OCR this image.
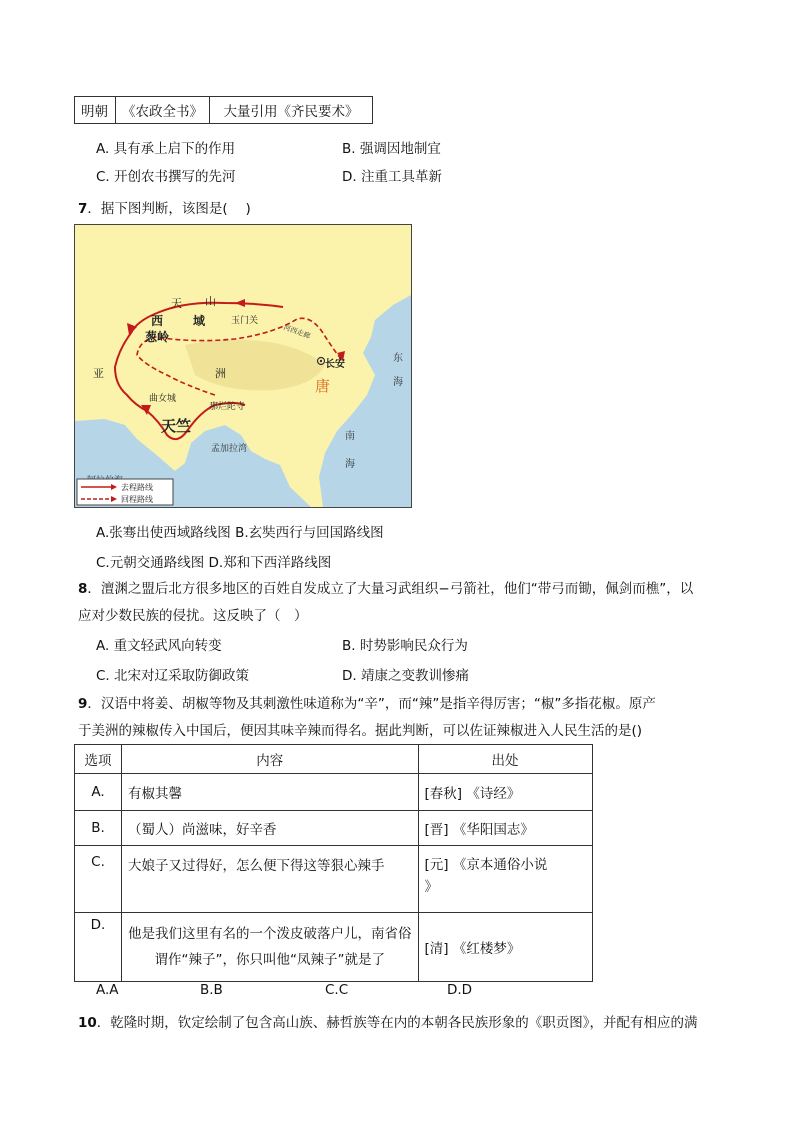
明朝	《农政全书》	大量引用《齐民要术》
A. 具有承上启下的作用	B. 强调因地制宜
C. 开创农书撰写的先河	D. 注重工具革新
7．据下图判断，该图是(　 )
天 山
西 域
葱岭
玉门关
河西走廊
长安
唐
亚	洲
曲女城
那烂陀寺
天竺
孟加拉湾
东
海
南
海
去程路线
回程路线
A.张骞出使西域路线图 B.玄奘西行与回国路线图
C.元朝交通路线图 D.郑和下西洋路线图
8．澶渊之盟后北方很多地区的百姓自发成立了大量习武组织−弓箭社，他们“带弓而锄，佩剑而樵”，以
应对少数民族的侵扰。这反映了（　）
A. 重文轻武风向转变	B. 时势影响民众行为
C. 北宋对辽采取防御政策	D. 靖康之变教训惨痛
9．汉语中将姜、胡椒等物及其刺激性味道称为“辛”，而“辣”是指辛得厉害；“椒”多指花椒。原产
于美洲的辣椒传入中国后，便因其味辛辣而得名。据此判断，可以佐证辣椒进入人民生活的是()
选项	内容	出处
A.	有椒其馨	[春秋] 《诗经》
B.	（蜀人）尚滋味，好辛香	[晋] 《华阳国志》
C.	大娘子又过得好，怎么便下得这等狠心辣手	[元] 《京本通俗小说
》

D.	他是我们这里有名的一个泼皮破落户儿，南省俗
谓作“辣子”，你只叫他“凤辣子”就是了	[清] 《红楼梦》
A.A	B.B	C.C	D.D
10．乾隆时期，钦定绘制了包含高山族、赫哲族等在内的本朝各民族形象的《职贡图》，并配有相应的满
